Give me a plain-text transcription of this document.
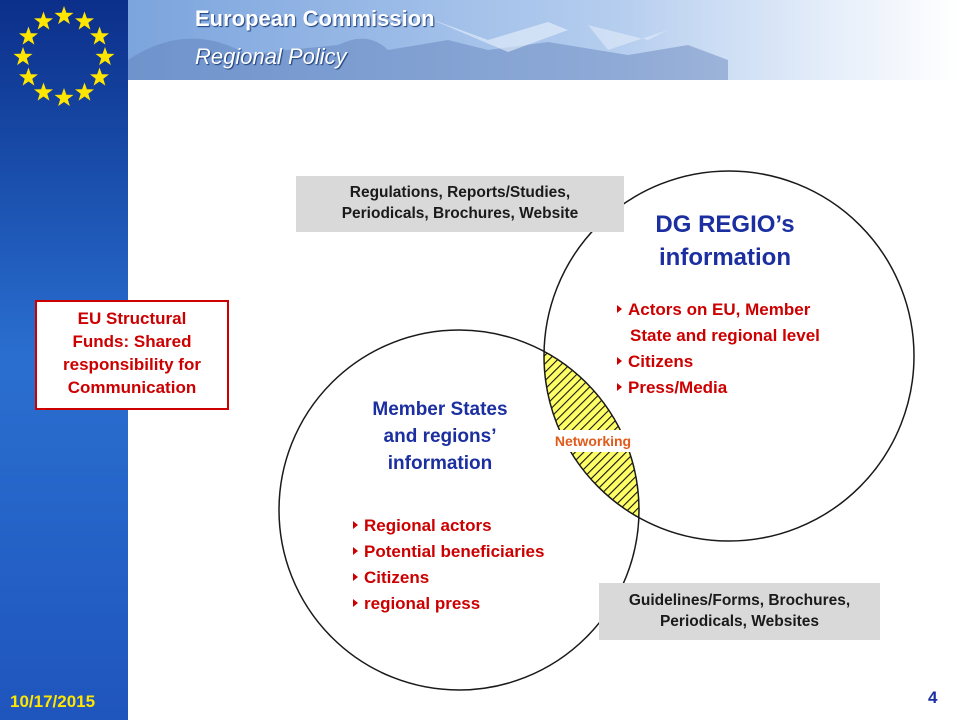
European Commission
Regional Policy
Regulations, Reports/Studies,
Periodicals, Brochures, Website
Guidelines/Forms, Brochures,
Periodicals, Websites
EU Structural
Funds: Shared
responsibility for
Communication
DG REGIO’s
information
Actors on EU, Member
State and regional level
Citizens
Press/Media
Member States
and regions’
information
Regional actors
Potential beneficiaries
Citizens
regional press
Networking
10/17/2015	4
